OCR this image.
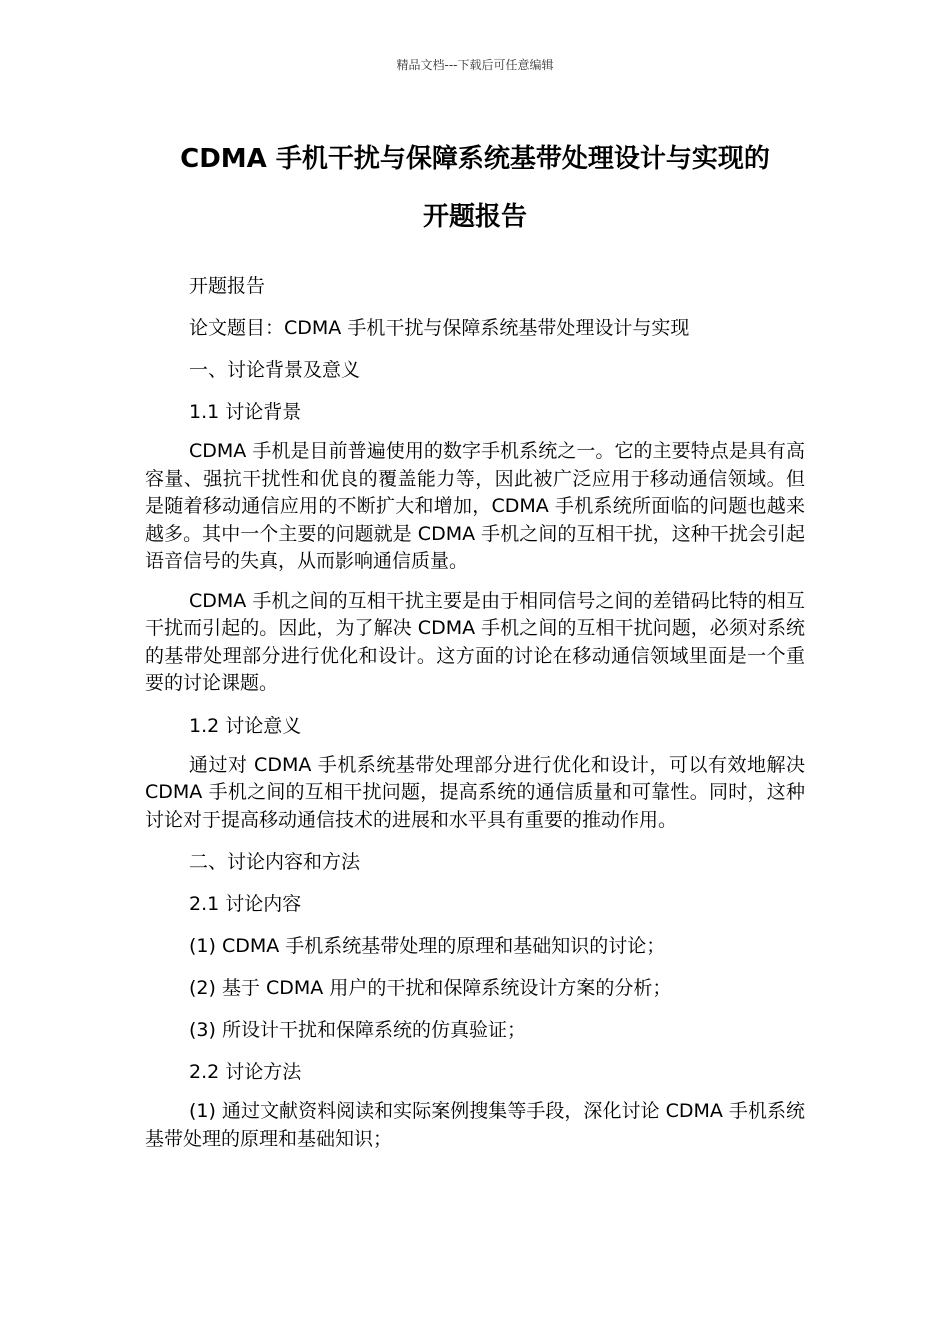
精品文档---下载后可任意编辑
CDMA 手机干扰与保障系统基带处理设计与实现的
开题报告

开题报告

论文题目：CDMA 手机干扰与保障系统基带处理设计与实现

一、讨论背景及意义

1.1 讨论背景

CDMA 手机是目前普遍使用的数字手机系统之一。它的主要特点是具有高容量、强抗干扰性和优良的覆盖能力等，因此被广泛应用于移动通信领域。但是随着移动通信应用的不断扩大和增加，CDMA 手机系统所面临的问题也越来越多。其中一个主要的问题就是 CDMA 手机之间的互相干扰，这种干扰会引起语音信号的失真，从而影响通信质量。

CDMA 手机之间的互相干扰主要是由于相同信号之间的差错码比特的相互干扰而引起的。因此，为了解决 CDMA 手机之间的互相干扰问题，必须对系统的基带处理部分进行优化和设计。这方面的讨论在移动通信领域里面是一个重要的讨论课题。

1.2 讨论意义

通过对 CDMA 手机系统基带处理部分进行优化和设计，可以有效地解决 CDMA 手机之间的互相干扰问题，提高系统的通信质量和可靠性。同时，这种讨论对于提高移动通信技术的进展和水平具有重要的推动作用。

二、讨论内容和方法

2.1 讨论内容

(1) CDMA 手机系统基带处理的原理和基础知识的讨论；

(2) 基于 CDMA 用户的干扰和保障系统设计方案的分析；

(3) 所设计干扰和保障系统的仿真验证；

2.2 讨论方法

(1) 通过文献资料阅读和实际案例搜集等手段，深化讨论 CDMA 手机系统基带处理的原理和基础知识；
